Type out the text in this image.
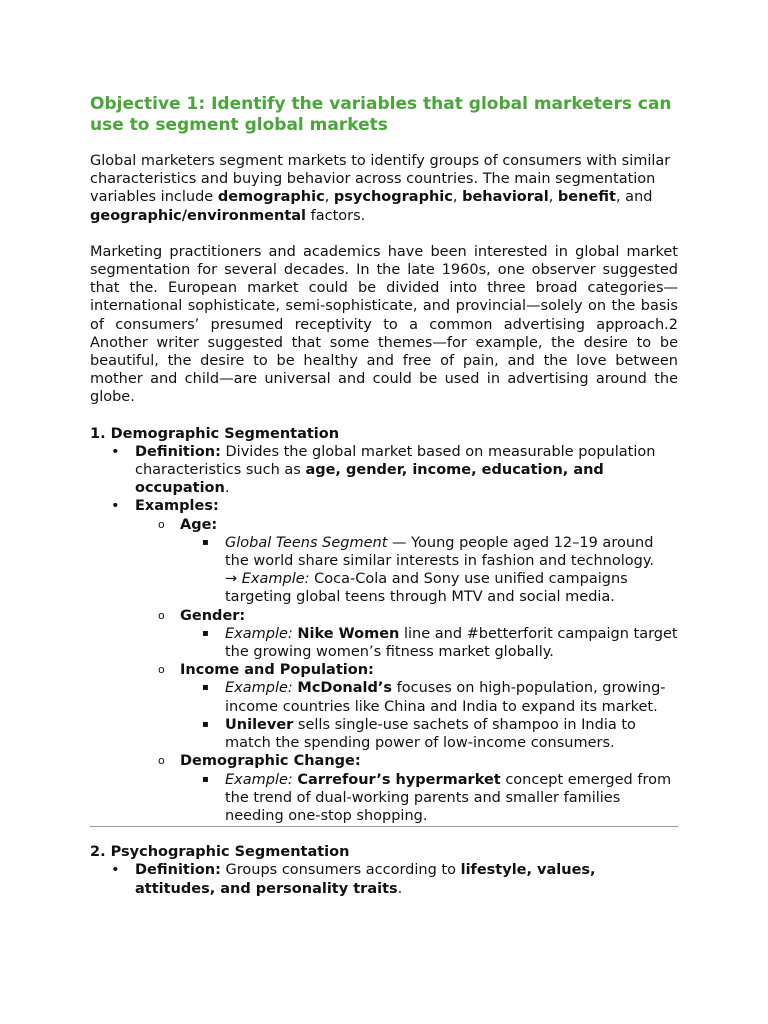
Objective 1: Identify the variables that global marketers can use to segment global markets

Global marketers segment markets to identify groups of consumers with similar characteristics and buying behavior across countries. The main segmentation variables include demographic, psychographic, behavioral, benefit, and geographic/environmental factors.

Marketing practitioners and academics have been interested in global market segmentation for several decades. In the late 1960s, one observer suggested that the. European market could be divided into three broad categories—international sophisticate, semi-sophisticate, and provincial—solely on the basis of consumers’ presumed receptivity to a common advertising approach.2 Another writer suggested that some themes—for example, the desire to be beautiful, the desire to be healthy and free of pain, and the love between mother and child—are universal and could be used in advertising around the globe.

1. Demographic Segmentation
• Definition: Divides the global market based on measurable population characteristics such as age, gender, income, education, and occupation.
• Examples:
o Age:
▪ Global Teens Segment — Young people aged 12–19 around the world share similar interests in fashion and technology.
→ Example: Coca-Cola and Sony use unified campaigns targeting global teens through MTV and social media.
o Gender:
▪ Example: Nike Women line and #betterforit campaign target the growing women’s fitness market globally.
o Income and Population:
▪ Example: McDonald’s focuses on high-population, growing-income countries like China and India to expand its market.
▪ Unilever sells single-use sachets of shampoo in India to match the spending power of low-income consumers.
o Demographic Change:
▪ Example: Carrefour’s hypermarket concept emerged from the trend of dual-working parents and smaller families needing one-stop shopping.
2. Psychographic Segmentation
• Definition: Groups consumers according to lifestyle, values, attitudes, and personality traits.
